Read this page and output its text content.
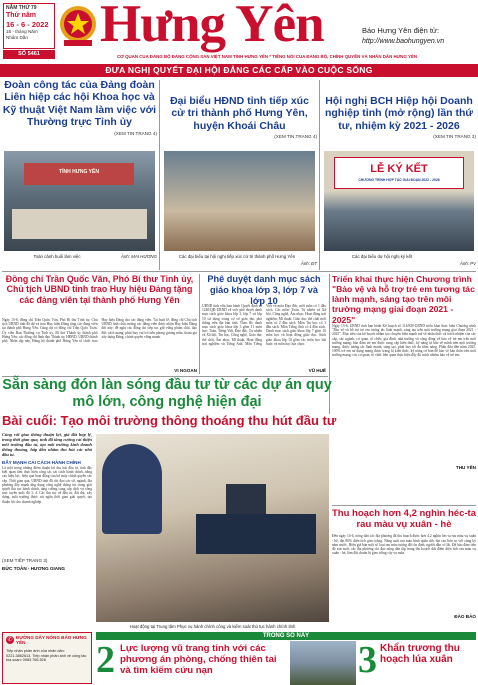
NĂM THỨ 79
Thứ năm
16 - 6 - 2022
18 - tháng Năm
Nhâm Dần
SỐ 5461
Hưng Yên	Báo Hưng Yên điện tử:
http://www.baohungyen.vn
CƠ QUAN CỦA ĐẢNG BỘ ĐẢNG CỘNG SẢN VIỆT NAM TỈNH HƯNG YÊN * TIẾNG NÓI CỦA ĐẢNG BỘ, CHÍNH QUYỀN VÀ NHÂN DÂN HƯNG YÊN
ĐƯA NGHỊ QUYẾT ĐẠI HỘI ĐẢNG CÁC CẤP VÀO CUỘC SỐNG
Đoàn công tác của Đảng đoàn Liên hiệp các hội Khoa học và Kỹ thuật Việt Nam làm việc với Thường trực Tỉnh ủy
(XEM TIN TRANG 4)
TỈNH HƯNG YÊN
Toàn cảnh buổi làm việc	Ảnh: MAI HƯƠNG
Đại biểu HĐND tỉnh tiếp xúc cử tri thành phố Hưng Yên, huyện Khoái Châu
(XEM TIN TRANG 4)
Các đại biểu tại hội nghị tiếp xúc cử tri thành phố Hưng Yên
Ảnh: ĐT
Hội nghị BCH Hiệp hội Doanh nghiệp tỉnh (mở rộng) lần thứ tư, nhiệm kỳ 2021 - 2026
(XEM TIN TRANG 3)
LỄ KÝ KẾT
CHƯƠNG TRÌNH HỢP TÁC GIAI ĐOẠN 2022 - 2026
Các đại biểu dự hội nghị ký kết
Ảnh: PV
Đồng chí Trần Quốc Văn, Phó Bí thư Tỉnh ủy, Chủ tịch UBND tỉnh trao Huy hiệu Đảng tặng các đảng viên tại thành phố Hưng Yên
Ngày 15-6, đồng chí Trần Quốc Văn, Phó Bí thư Tỉnh ủy, Chủ tịch UBND tỉnh đã dự và trao Huy hiệu Đảng tặng các đảng viên tại thành phố Hưng Yên. Cùng dự có đồng chí Trần Quốc Toản, Ủy viên Ban Thường vụ Tỉnh ủy, Bí thư Thành ủy thành phố Hưng Yên; các đồng chí lãnh đạo Thành ủy, HĐND, UBND thành phố. Nhân dịp này, Đảng bộ thành phố Hưng Yên tổ chức trao Huy hiệu Đảng cho các đảng viên. Tại buổi lễ, đồng chí Chủ tịch UBND tỉnh chúc mừng các đảng viên được nhận Huy hiệu Đảng đợt này; đề nghị các đồng chí tiếp tục giữ vững phẩm chất, đạo đức cách mạng, phát huy vai trò tiên phong gương mẫu, tham gia xây dựng Đảng, chính quyền vững mạnh.
VI NGOAN
Phê duyệt danh mục sách giáo khoa lớp 3, lớp 7 và lớp 10
UBND tỉnh vừa ban hành Quyết định số 1240/QĐ-UBND về việc phê duyệt danh mục sách giáo khoa lớp 3, lớp 7 và lớp 10 sử dụng trong cơ sở giáo dục phổ thông trên địa bàn tỉnh. Theo đó, danh mục sách giáo khoa lớp 3 gồm 11 môn học: Toán, Tiếng Việt, Đạo đức, Tự nhiên và Xã hội, Tin học, Công nghệ, Giáo dục thể chất, Âm nhạc, Mĩ thuật, Hoạt động trải nghiệm và Tiếng Anh. Môn Tiếng Việt và môn Đạo đức, mỗi môn có 1 đầu sách. Các môn: Toán, Tự nhiên và Xã hội, Công nghệ, Âm nhạc, Hoạt động trải nghiệm, Mĩ thuật, Giáo dục thể chất mỗi môn có 2 đầu sách. Môn Tin học có 3 đầu sách. Môn Tiếng Anh có 4 đầu sách. Danh mục sách giáo khoa lớp 7 gồm 10 môn học và hoạt động giáo dục. Sách giáo khoa lớp 10 gồm các môn học bắt buộc và môn học lựa chọn.
VŨ HUẾ
Triển khai thực hiện Chương trình "Bảo vệ và hỗ trợ trẻ em tương tác lành mạnh, sáng tạo trên môi trường mạng giai đoạn 2021 - 2025"
Ngày 13-6, UBND tỉnh ban hành Kế hoạch số 114/KH-UBND triển khai thực hiện Chương trình "Bảo vệ và hỗ trợ trẻ em tương tác lành mạnh, sáng tạo trên môi trường mạng giai đoạn 2021 - 2025". Mục tiêu của kế hoạch nhằm tạo chuyển biến mạnh mẽ về nhận thức và trách nhiệm của các cấp, các ngành, cơ quan, tổ chức, gia đình, nhà trường và cộng đồng về bảo vệ trẻ em trên môi trường mạng; bảo đảm trẻ em được cung cấp kiến thức, kỹ năng tự bảo vệ mình trên môi trường mạng, được tương tác lành mạnh, sáng tạo, phát huy tối đa tiềm năng. Phấn đấu đến năm 2025, 100% trẻ em sử dụng mạng được trang bị kiến thức, kỹ năng cơ bản để bảo vệ bản thân trên môi trường mạng; các cơ quan, tổ chức liên quan thực hiện đầy đủ trách nhiệm bảo vệ trẻ em.
THU YẾN
Sẵn sàng đón làn sóng đầu tư từ các dự án quy mô lớn, công nghệ hiện đại
Bài cuối: Tạo môi trường thông thoáng thu hút đầu tư
Cùng với giao thông thuận lợi, giá đất hợp lý, trong thời gian qua, tỉnh đã tăng cường cải thiện môi trường đầu tư, tạo môi trường kinh doanh thông thoáng, hấp dẫn nhằm thu hút các nhà đầu tư.
ĐẨY MẠNH CẢI CÁCH HÀNH CHÍNH
Là một trong những điểm thuận lợi thu hút đầu tư, tỉnh đặc biệt quan tâm thực hiện công tác cải cách hành chính, nâng cao hiệu lực, hiệu quả hoạt động của bộ máy chính quyền các cấp. Thời gian qua, UBND tỉnh đã chỉ đạo các sở, ngành, địa phương đẩy mạnh ứng dụng công nghệ thông tin trong giải quyết thủ tục hành chính, tăng cường cung cấp dịch vụ công trực tuyến mức độ 3, 4. Các thủ tục về đầu tư, đất đai, xây dựng, môi trường được rút ngắn thời gian giải quyết, tạo thuận lợi cho doanh nghiệp.
(XEM TIẾP TRANG 3)
ĐỨC TOÀN - HƯƠNG GIANG
Hoạt động tại Trung tâm Phục vụ hành chính công và kiểm soát thủ tục hành chính tỉnh
Thu hoạch hơn 4,2 nghìn héc-ta rau màu vụ xuân - hè
Đến ngày 14-6, nông dân các địa phương đã thu hoạch được hơn 4,2 nghìn héc-ta rau màu vụ xuân - hè, đạt 80% diện tích gieo trồng. Năng suất rau màu bình quân ước đạt cao hơn so với cùng kỳ năm trước. Hiện giá bán một số loại rau màu tương đối ổn định, người dân có lãi. Để bảo đảm tiến độ sản xuất, các địa phương chỉ đạo nông dân tập trung thu hoạch dứt điểm diện tích rau màu vụ xuân - hè, làm đất chuẩn bị gieo trồng cây vụ mùa.
ĐÀO BẢO
TRONG SỐ NÀY
✆ ĐƯỜNG DÂY NÓNG BÁO HƯNG YÊN
Tiếp nhận phản ánh của nhân dân: 0221.3862613. Tiếp nhận phản ánh về công tác tòa soạn: 0983.766.526	2 Lực lượng vũ trang tỉnh với các phương án phòng, chống thiên tai và tìm kiếm cứu nạn	3 Khẩn trương thu hoạch lúa xuân
